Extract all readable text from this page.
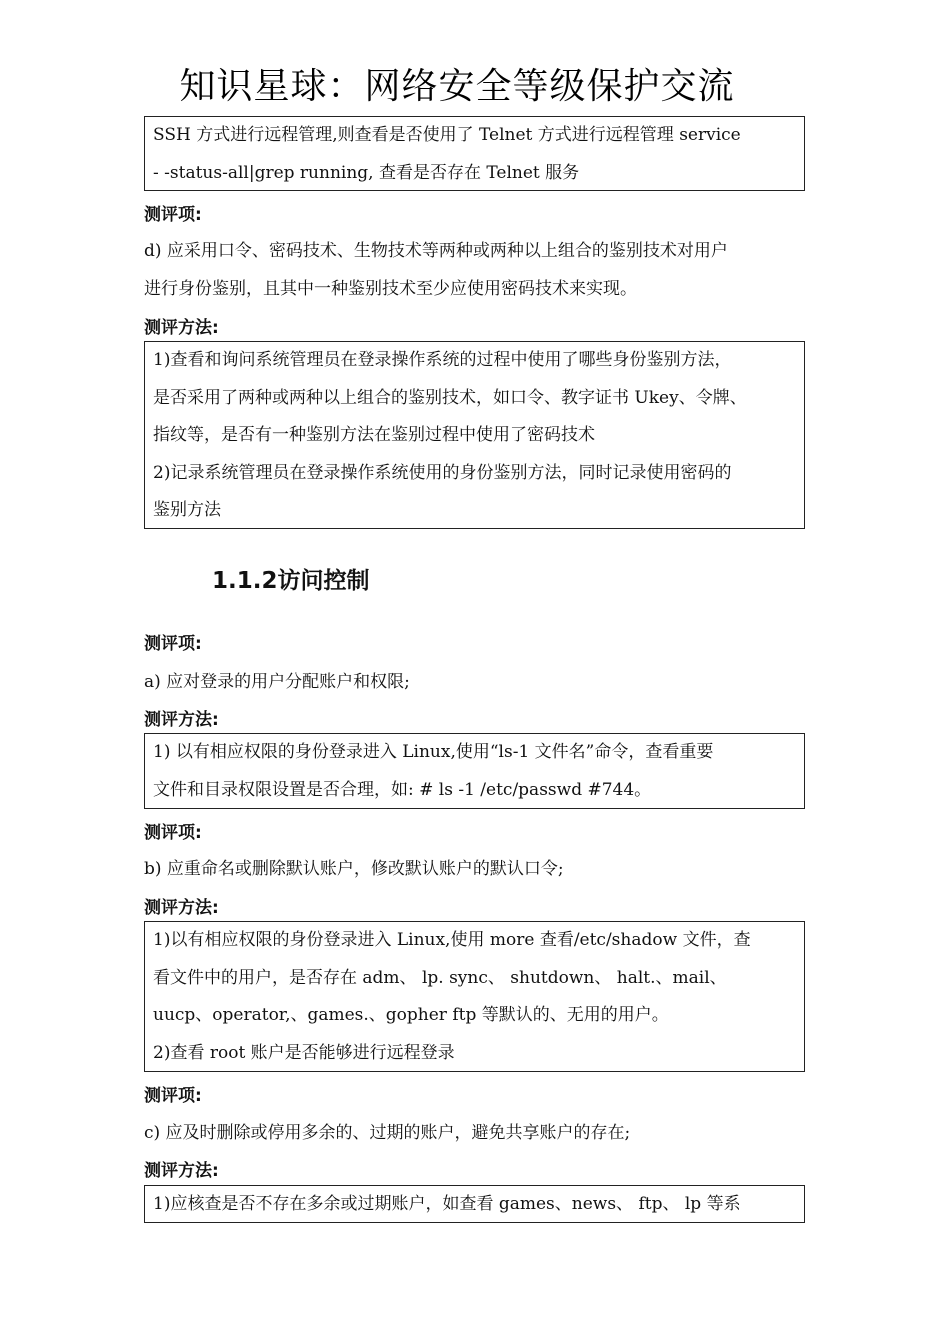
知识星球：网络安全等级保护交流
SSH 方式进行远程管理,则查看是否使用了 Telnet 方式进行远程管理 service
- -status-all|grep running, 查看是否存在 Telnet 服务
测评项:
d) 应采用口令、密码技术、生物技术等两种或两种以上组合的鉴别技术对用户
进行身份鉴别，且其中一种鉴别技术至少应使用密码技术来实现。
测评方法:
1)查看和询问系统管理员在登录操作系统的过程中使用了哪些身份鉴别方法，
是否采用了两种或两种以上组合的鉴别技术，如口令、教字证书 Ukey、令牌、
指纹等，是否有一种鉴别方法在鉴别过程中使用了密码技术
2)记录系统管理员在登录操作系统使用的身份鉴别方法，同时记录使用密码的
鉴别方法
1.1.2访问控制
测评项:
a) 应对登录的用户分配账户和权限;
测评方法:
1) 以有相应权限的身份登录进入 Linux,使用“ls-1 文件名”命令，查看重要
文件和目录权限设置是否合理，如: # ls -1 /etc/passwd #744。
测评项:
b) 应重命名或删除默认账户，修改默认账户的默认口令;
测评方法:
1)以有相应权限的身份登录进入 Linux,使用 more 查看/etc/shadow 文件，查
看文件中的用户，是否存在 adm、 lp. sync、 shutdown、 halt.、mail、
uucp、operator,、games.、gopher ftp 等默认的、无用的用户。
2)查看 root 账户是否能够进行远程登录
测评项:
c) 应及时删除或停用多余的、过期的账户，避免共享账户的存在;
测评方法:
1)应核查是否不存在多余或过期账户，如查看 games、news、 ftp、 lp 等系
